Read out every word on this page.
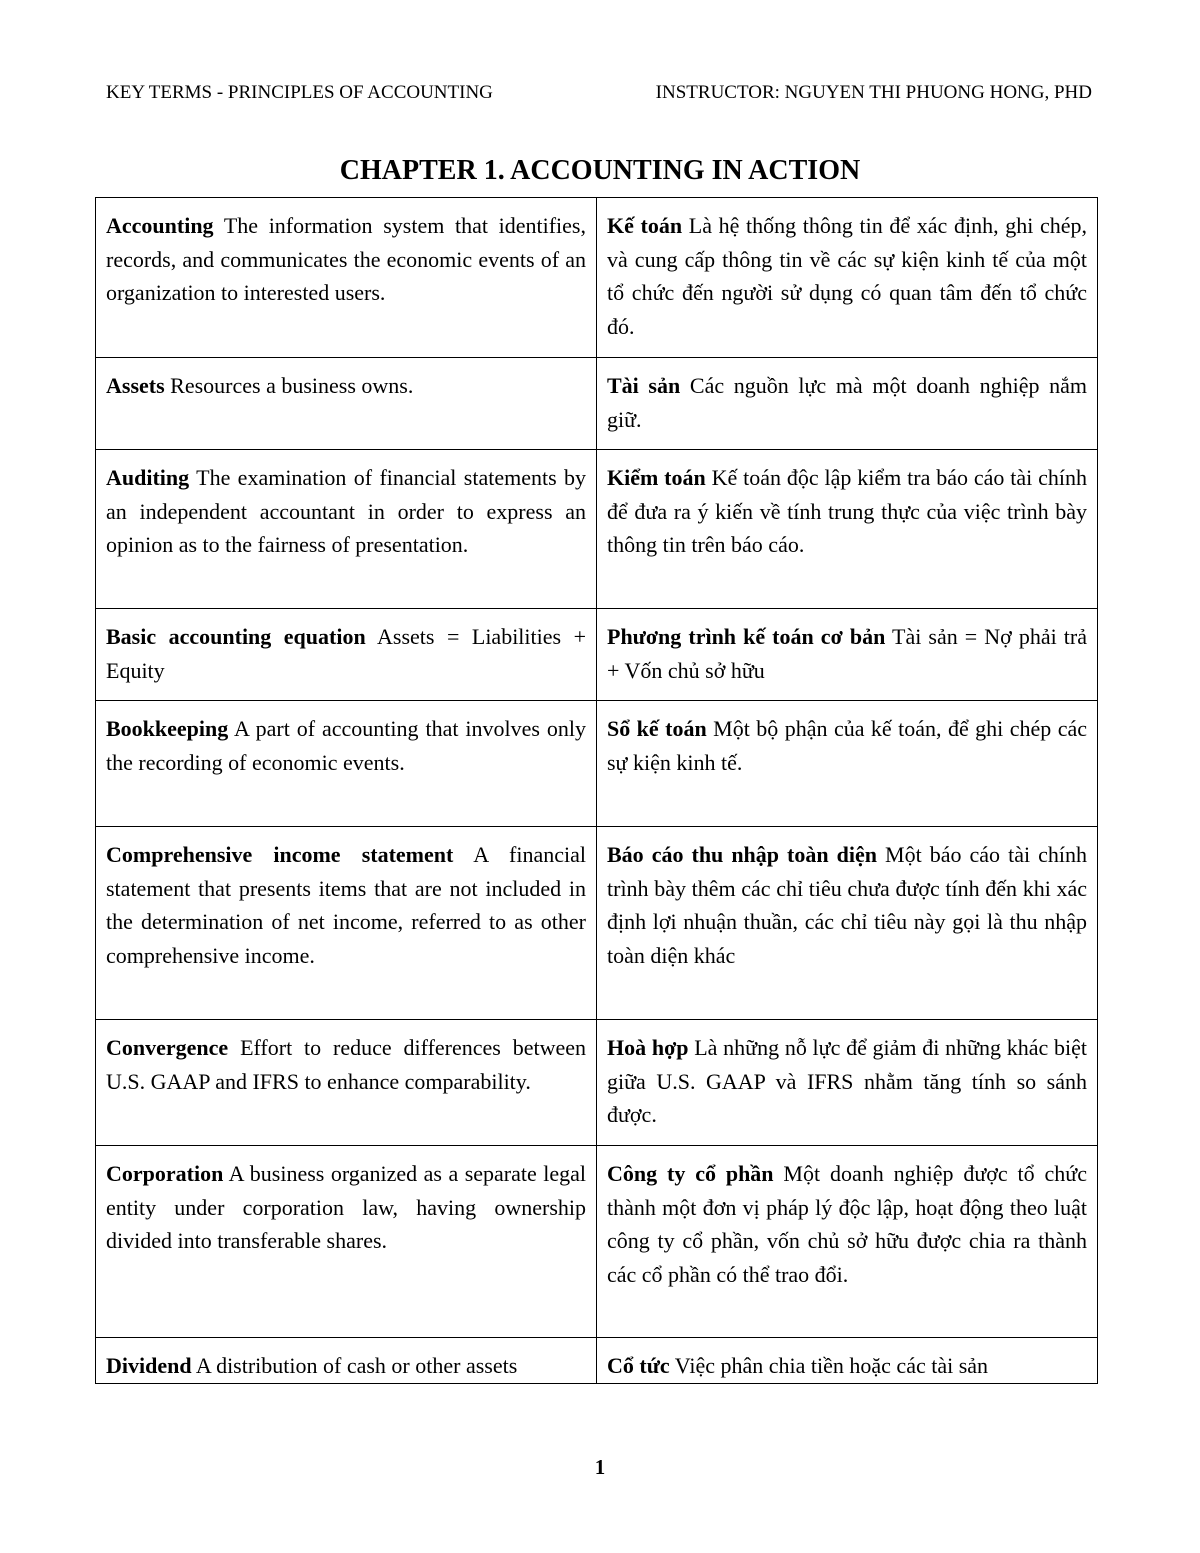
KEY TERMS - PRINCIPLES OF ACCOUNTING	INSTRUCTOR: NGUYEN THI PHUONG HONG, PHD
CHAPTER 1. ACCOUNTING IN ACTION
Accounting The information system that identifies, records, and communicates the economic events of an organization to interested users.	Kế toán Là hệ thống thông tin để xác định, ghi chép, và cung cấp thông tin về các sự kiện kinh tế của một tổ chức đến người sử dụng có quan tâm đến tổ chức đó.
Assets Resources a business owns.	Tài sản Các nguồn lực mà một doanh nghiệp nắm giữ.
Auditing The examination of financial statements by an independent accountant in order to express an opinion as to the fairness of presentation.	Kiểm toán Kế toán độc lập kiểm tra báo cáo tài chính để đưa ra ý kiến về tính trung thực của việc trình bày thông tin trên báo cáo.
Basic accounting equation Assets = Liabilities + Equity	Phương trình kế toán cơ bản Tài sản = Nợ phải trả + Vốn chủ sở hữu
Bookkeeping A part of accounting that involves only the recording of economic events.	Sổ kế toán Một bộ phận của kế toán, để ghi chép các sự kiện kinh tế.
Comprehensive income statement A financial statement that presents items that are not included in the determination of net income, referred to as other comprehensive income.	Báo cáo thu nhập toàn diện Một báo cáo tài chính trình bày thêm các chỉ tiêu chưa được tính đến khi xác định lợi nhuận thuần, các chỉ tiêu này gọi là thu nhập toàn diện khác
Convergence Effort to reduce differences between U.S. GAAP and IFRS to enhance comparability.	Hoà hợp Là những nỗ lực để giảm đi những khác biệt giữa U.S. GAAP và IFRS nhằm tăng tính so sánh được.
Corporation A business organized as a separate legal entity under corporation law, having ownership divided into transferable shares.	Công ty cổ phần Một doanh nghiệp được tổ chức thành một đơn vị pháp lý độc lập, hoạt động theo luật công ty cổ phần, vốn chủ sở hữu được chia ra thành các cổ phần có thể trao đổi.
Dividend A distribution of cash or other assets	Cổ tức Việc phân chia tiền hoặc các tài sản
1
